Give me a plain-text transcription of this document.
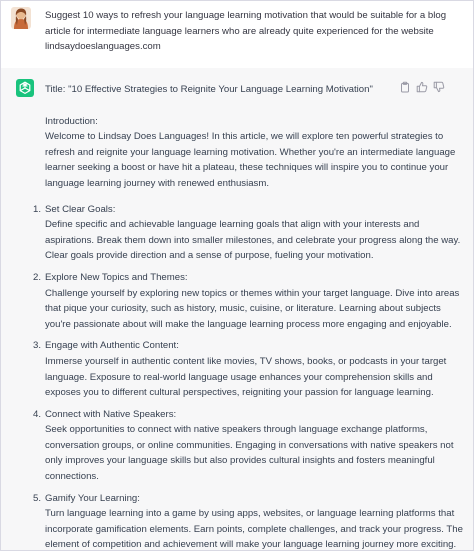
Suggest 10 ways to refresh your language learning motivation that would be suitable for a blog article for intermediate language learners who are already quite experienced for the website lindsaydoeslanguages.com

Title: "10 Effective Strategies to Reignite Your Language Learning Motivation"

Introduction:

Welcome to Lindsay Does Languages! In this article, we will explore ten powerful strategies to refresh and reignite your language learning motivation. Whether you're an intermediate language learner seeking a boost or have hit a plateau, these techniques will inspire you to continue your language learning journey with renewed enthusiasm.

1. Set Clear Goals:

Define specific and achievable language learning goals that align with your interests and aspirations. Break them down into smaller milestones, and celebrate your progress along the way. Clear goals provide direction and a sense of purpose, fueling your motivation.

2. Explore New Topics and Themes:

Challenge yourself by exploring new topics or themes within your target language. Dive into areas that pique your curiosity, such as history, music, cuisine, or literature. Learning about subjects you're passionate about will make the language learning process more engaging and enjoyable.

3. Engage with Authentic Content:

Immerse yourself in authentic content like movies, TV shows, books, or podcasts in your target language. Exposure to real-world language usage enhances your comprehension skills and exposes you to different cultural perspectives, reigniting your passion for language learning.

4. Connect with Native Speakers:

Seek opportunities to connect with native speakers through language exchange platforms, conversation groups, or online communities. Engaging in conversations with native speakers not only improves your language skills but also provides cultural insights and fosters meaningful connections.

5. Gamify Your Learning:

Turn language learning into a game by using apps, websites, or language learning platforms that incorporate gamification elements. Earn points, complete challenges, and track your progress. The element of competition and achievement will make your language learning journey more exciting.
